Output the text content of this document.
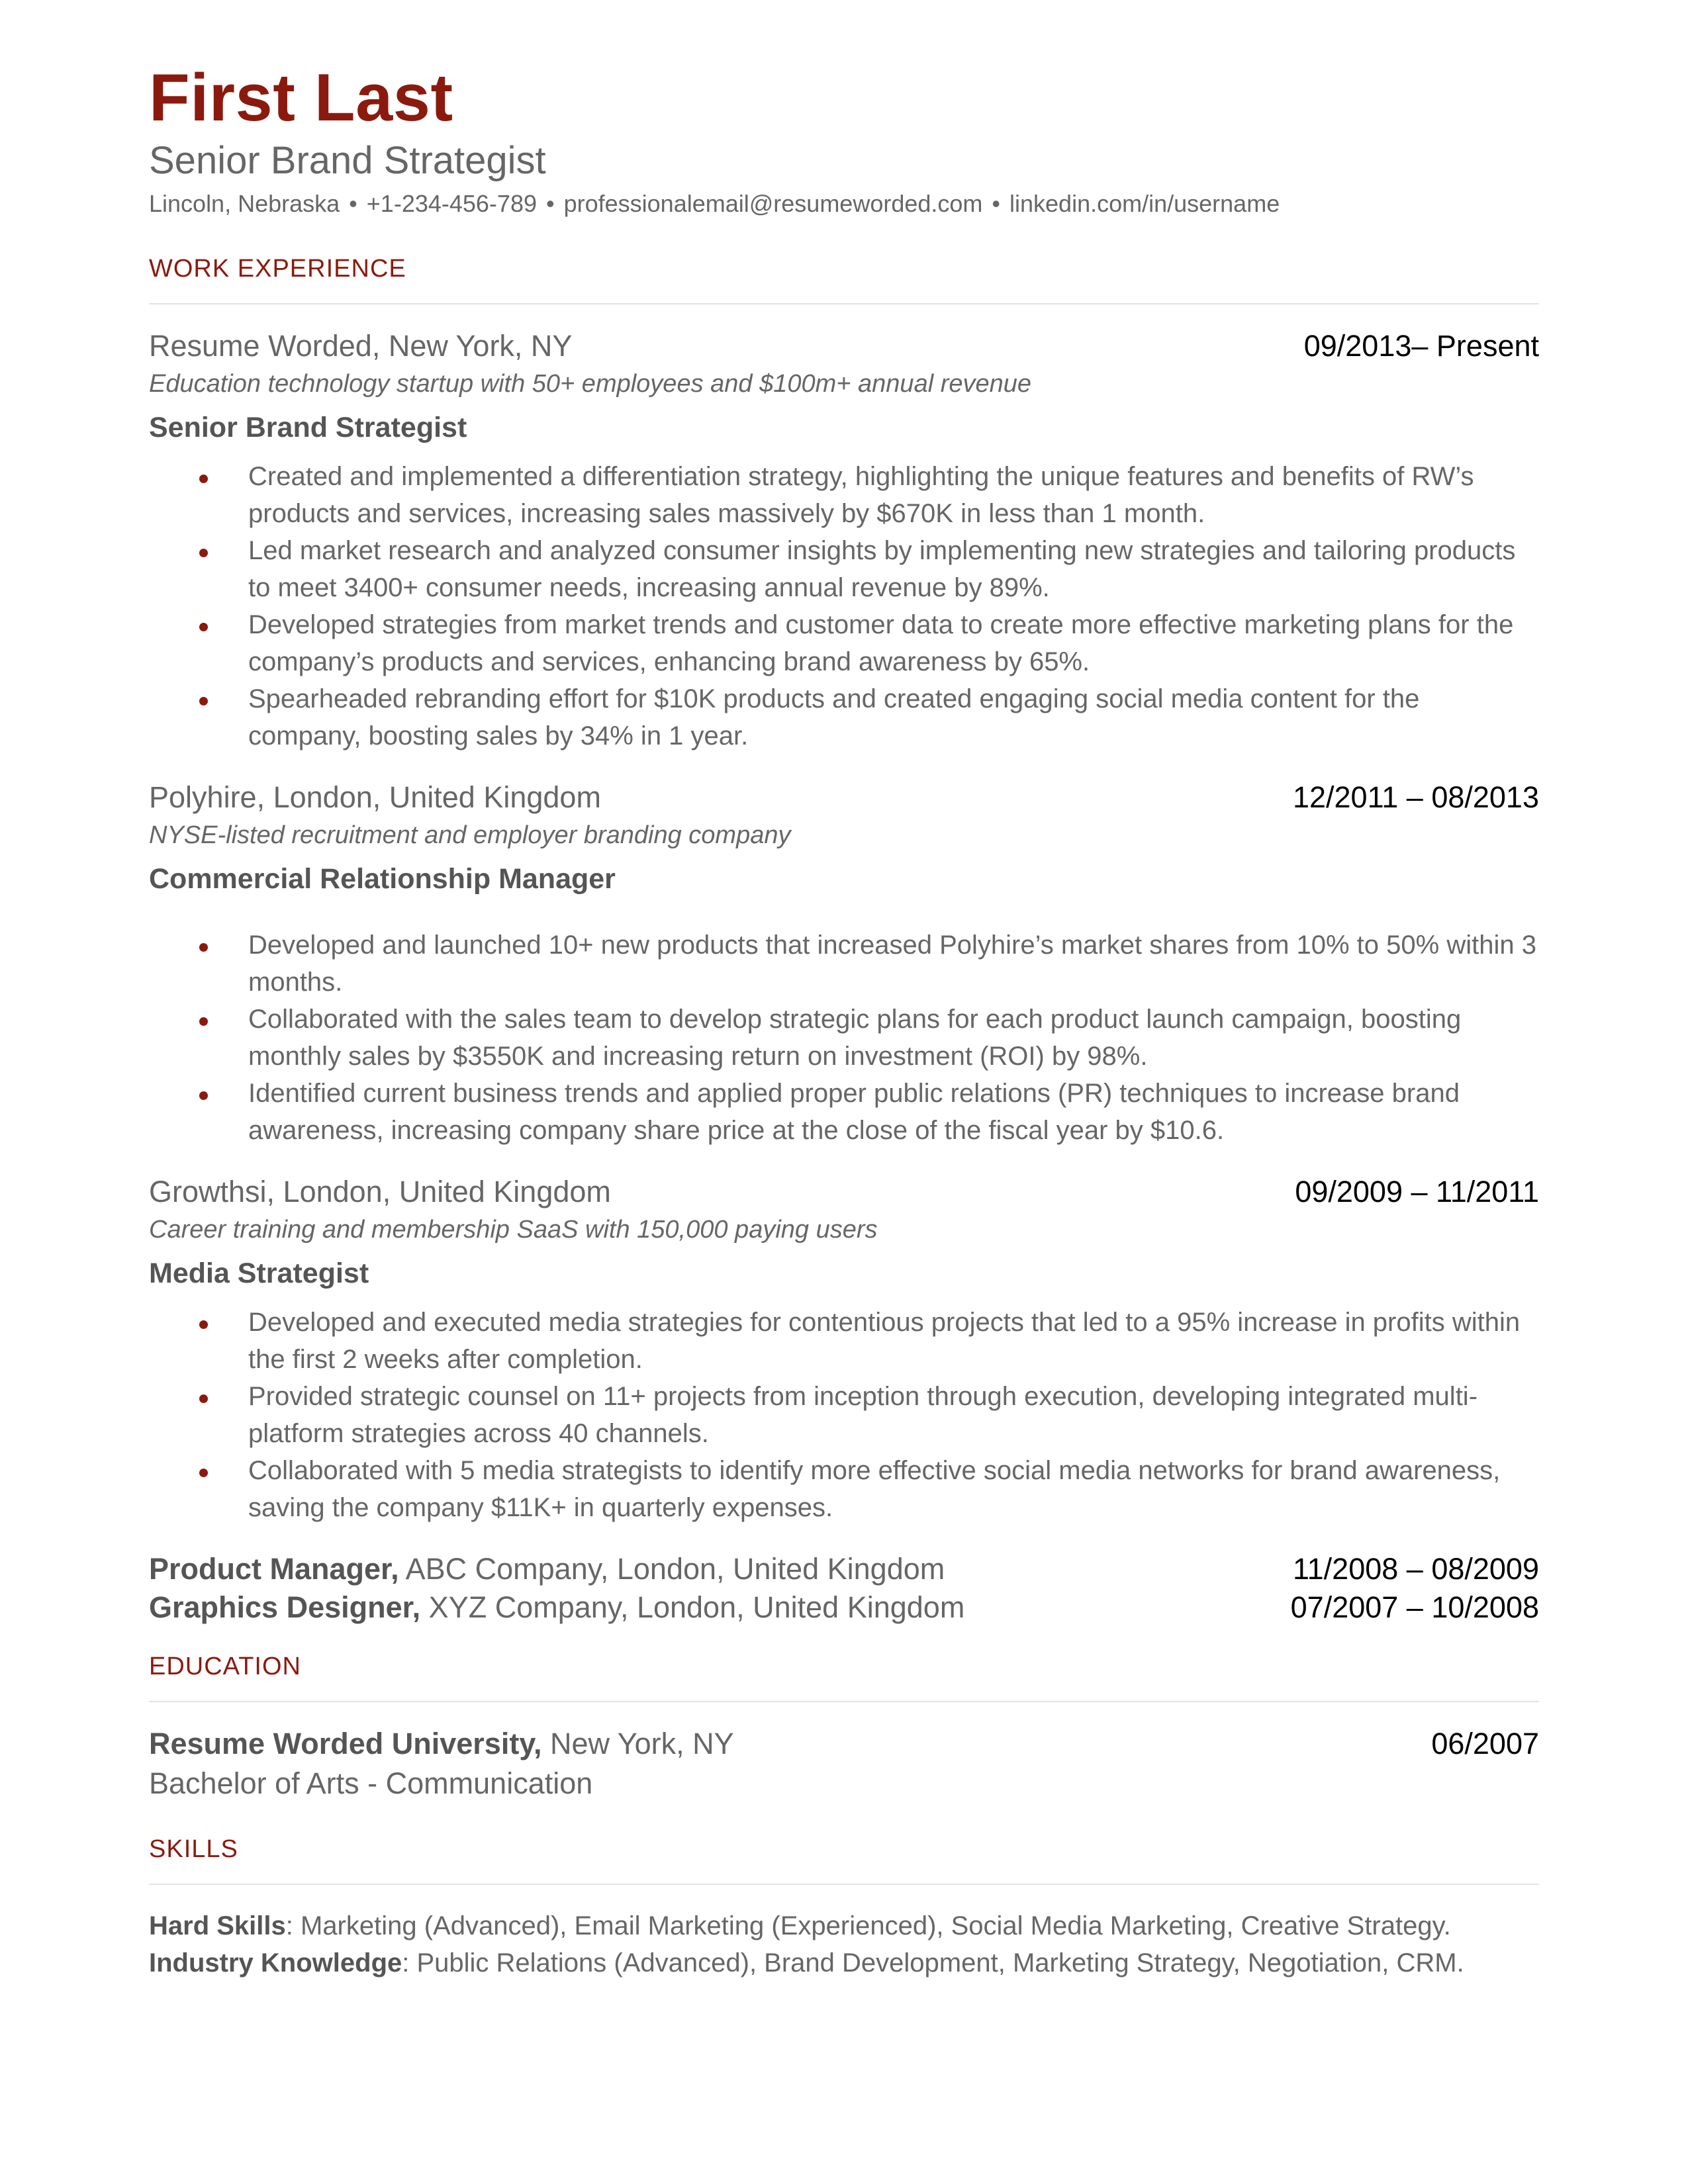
First Last
Senior Brand Strategist
Lincoln, Nebraska • +1-234-456-789 • professionalemail@resumeworded.com • linkedin.com/in/username
WORK EXPERIENCE
Resume Worded, New York, NY	09/2013– Present
Education technology startup with 50+ employees and $100m+ annual revenue
Senior Brand Strategist
Created and implemented a differentiation strategy, highlighting the unique features and benefits of RW’s products and services, increasing sales massively by $670K in less than 1 month.
Led market research and analyzed consumer insights by implementing new strategies and tailoring products to meet 3400+ consumer needs, increasing annual revenue by 89%.
Developed strategies from market trends and customer data to create more effective marketing plans for the company’s products and services, enhancing brand awareness by 65%.
Spearheaded rebranding effort for $10K products and created engaging social media content for the company, boosting sales by 34% in 1 year.
Polyhire, London, United Kingdom	12/2011 – 08/2013
NYSE-listed recruitment and employer branding company
Commercial Relationship Manager
Developed and launched 10+ new products that increased Polyhire’s market shares from 10% to 50% within 3 months.
Collaborated with the sales team to develop strategic plans for each product launch campaign, boosting monthly sales by $3550K and increasing return on investment (ROI) by 98%.
Identified current business trends and applied proper public relations (PR) techniques to increase brand awareness, increasing company share price at the close of the fiscal year by $10.6.
Growthsi, London, United Kingdom	09/2009 – 11/2011
Career training and membership SaaS with 150,000 paying users
Media Strategist
Developed and executed media strategies for contentious projects that led to a 95% increase in profits within the first 2 weeks after completion.
Provided strategic counsel on 11+ projects from inception through execution, developing integrated multi-platform strategies across 40 channels.
Collaborated with 5 media strategists to identify more effective social media networks for brand awareness, saving the company $11K+ in quarterly expenses.
Product Manager, ABC Company, London, United Kingdom	11/2008 – 08/2009
Graphics Designer, XYZ Company, London, United Kingdom	07/2007 – 10/2008
EDUCATION
Resume Worded University, New York, NY	06/2007
Bachelor of Arts - Communication
SKILLS
Hard Skills: Marketing (Advanced), Email Marketing (Experienced), Social Media Marketing, Creative Strategy.
Industry Knowledge: Public Relations (Advanced), Brand Development, Marketing Strategy, Negotiation, CRM.
